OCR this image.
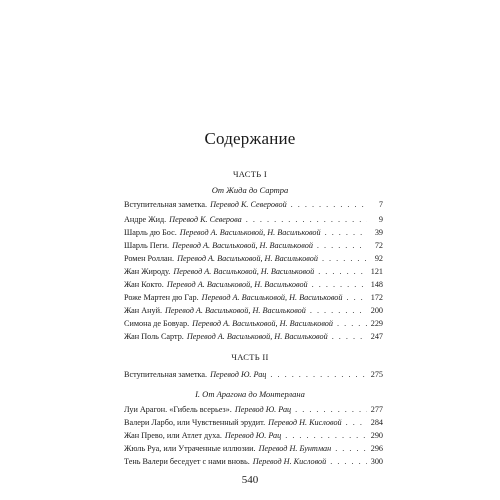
Содержание
ЧАСТЬ I
От Жида до Сартра
Вступительная заметка. Перевод К. Северовой . . .	7
Андре Жид. Перевод К. Северова . . .	9
Шарль дю Бос. Перевод А. Васильковой, Н. Васильковой . . .	39
Шарль Пеги. Перевод А. Васильковой, Н. Васильковой . . .	72
Ромен Роллан. Перевод А. Васильковой, Н. Васильковой . . .	92
Жан Жироду. Перевод А. Васильковой, Н. Васильковой . . .	121
Жан Кокто. Перевод А. Васильковой, Н. Васильковой . . .	148
Роже Мартен дю Гар. Перевод А. Васильковой, Н. Васильковой . . .	172
Жан Ануй. Перевод А. Васильковой, Н. Васильковой . . .	200
Симона де Бовуар. Перевод А. Васильковой, Н. Васильковой . . .	229
Жан Поль Сартр. Перевод А. Васильковой, Н. Васильковой . . .	247
ЧАСТЬ II
Вступительная заметка. Перевод Ю. Рац . . .	275
I. От Арагона до Монтерлана
Луи Арагон. «Гибель всерьез». Перевод Ю. Рац . . .	277
Валери Ларбо, или Чувственный эрудит. Перевод Н. Кисловой . . .	284
Жан Прево, или Атлет духа. Перевод Ю. Рац . . .	290
Жюль Руа, или Утраченные иллюзии. Перевод Н. Бунтман . . .	296
Тень Валери беседует с нами вновь. Перевод Н. Кисловой . . .	300
540
